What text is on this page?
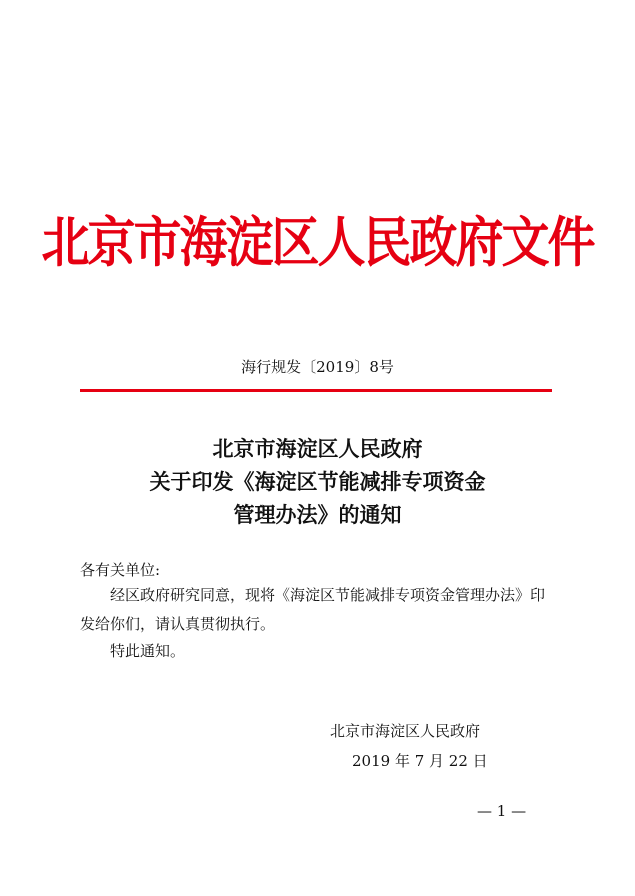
北京市海淀区人民政府文件
海行规发〔2019〕8号
北京市海淀区人民政府
关于印发《海淀区节能减排专项资金
管理办法》的通知
各有关单位:
经区政府研究同意，现将《海淀区节能减排专项资金管理办法》印发给你们，请认真贯彻执行。
特此通知。
北京市海淀区人民政府
2019 年 7 月 22 日
— 1 —
